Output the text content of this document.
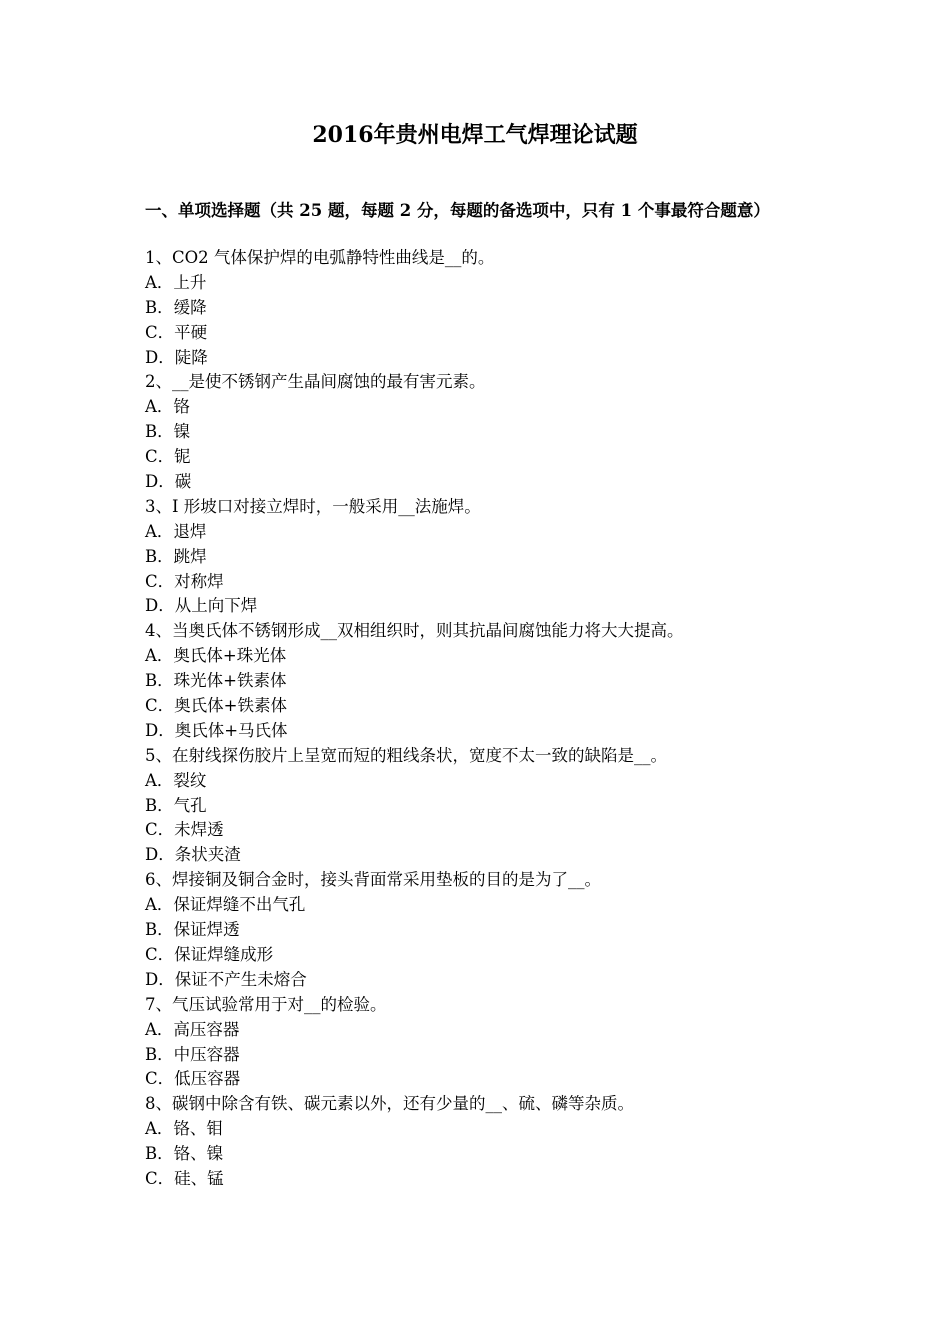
2016年贵州电焊工气焊理论试题
一、单项选择题（共 25 题，每题 2 分，每题的备选项中，只有 1 个事最符合题意）
1、CO2 气体保护焊的电弧静特性曲线是__的。
A．上升
B．缓降
C．平硬
D．陡降
2、__是使不锈钢产生晶间腐蚀的最有害元素。
A．铬
B．镍
C．铌
D．碳
3、I 形坡口对接立焊时，一般采用__法施焊。
A．退焊
B．跳焊
C．对称焊
D．从上向下焊
4、当奥氏体不锈钢形成__双相组织时，则其抗晶间腐蚀能力将大大提高。
A．奥氏体+珠光体
B．珠光体+铁素体
C．奥氏体+铁素体
D．奥氏体+马氏体
5、在射线探伤胶片上呈宽而短的粗线条状，宽度不太一致的缺陷是__。
A．裂纹
B．气孔
C．未焊透
D．条状夹渣
6、焊接铜及铜合金时，接头背面常采用垫板的目的是为了__。
A．保证焊缝不出气孔
B．保证焊透
C．保证焊缝成形
D．保证不产生未熔合
7、气压试验常用于对__的检验。
A．高压容器
B．中压容器
C．低压容器
8、碳钢中除含有铁、碳元素以外，还有少量的__、硫、磷等杂质。
A．铬、钼
B．铬、镍
C．硅、锰
